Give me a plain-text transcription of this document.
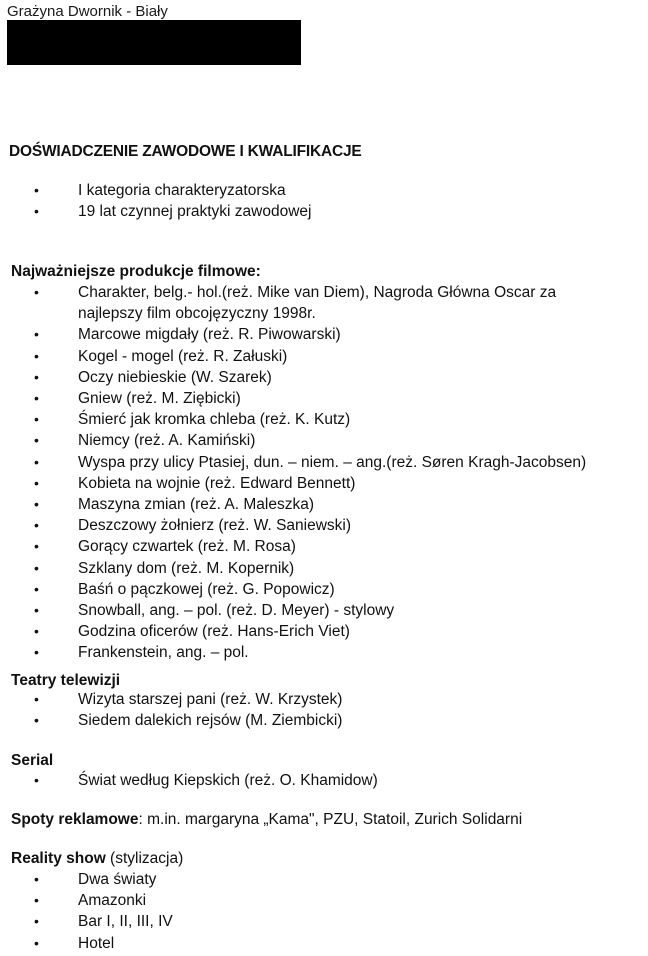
Grażyna Dwornik - Biały
DOŚWIADCZENIE ZAWODOWE I KWALIFIKACJE
•	I kategoria charakteryzatorska
•	19 lat czynnej praktyki zawodowej
Najważniejsze produkcje filmowe:
•	Charakter, belg.- hol.(reż. Mike van Diem), Nagroda Główna Oscar za
najlepszy film obcojęzyczny 1998r.
•	Marcowe migdały (reż. R. Piwowarski)
•	Kogel - mogel (reż. R. Załuski)
•	Oczy niebieskie (W. Szarek)
•	Gniew (reż. M. Ziębicki)
•	Śmierć jak kromka chleba (reż. K. Kutz)
•	Niemcy (reż. A. Kamiński)
•	Wyspa przy ulicy Ptasiej, dun. – niem. – ang.(reż. Søren Kragh-Jacobsen)
•	Kobieta na wojnie (reż. Edward Bennett)
•	Maszyna zmian (reż. A. Maleszka)
•	Deszczowy żołnierz (reż. W. Saniewski)
•	Gorący czwartek (reż. M. Rosa)
•	Szklany dom (reż. M. Kopernik)
•	Baśń o pączkowej (reż. G. Popowicz)
•	Snowball, ang. – pol. (reż. D. Meyer) - stylowy
•	Godzina oficerów (reż. Hans-Erich Viet)
•	Frankenstein, ang. – pol.
Teatry telewizji
•	Wizyta starszej pani (reż. W. Krzystek)
•	Siedem dalekich rejsów (M. Ziembicki)
Serial
•	Świat według Kiepskich (reż. O. Khamidow)
Spoty reklamowe: m.in. margaryna „Kama", PZU, Statoil, Zurich Solidarni
Reality show (stylizacja)
•	Dwa światy
•	Amazonki
•	Bar I, II, III, IV
•	Hotel
